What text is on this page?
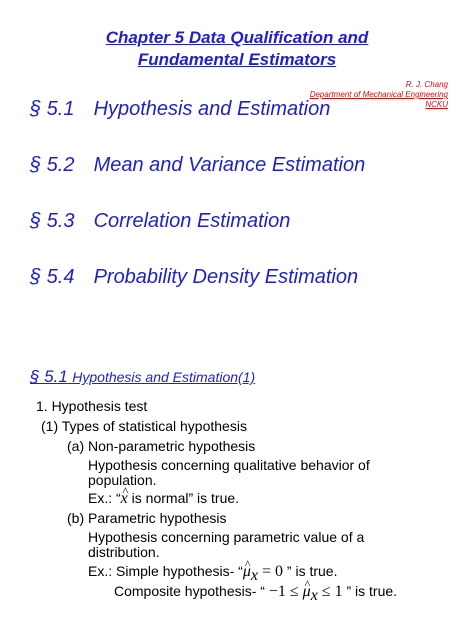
Chapter 5 Data Qualification and
Fundamental Estimators
R. J. Chang
Department of Mechanical Engineering
NCKU
§ 5.1 Hypothesis and Estimation
§ 5.2 Mean and Variance Estimation
§ 5.3 Correlation Estimation
§ 5.4 Probability Density Estimation
§ 5.1 Hypothesis and Estimation(1)
1. Hypothesis test
(1) Types of statistical hypothesis
(a) Non-parametric hypothesis
Hypothesis concerning qualitative behavior of
population.
Ex.: “^ x is normal” is true.
(b) Parametric hypothesis
Hypothesis concerning parametric value of a
distribution.
Ex.: Simple hypothesis- “^ $\mu_x = 0$ ” is true.
Composite hypothesis- “ −1 ≤ ^ $\mu_x \le 1$ ” is true.
